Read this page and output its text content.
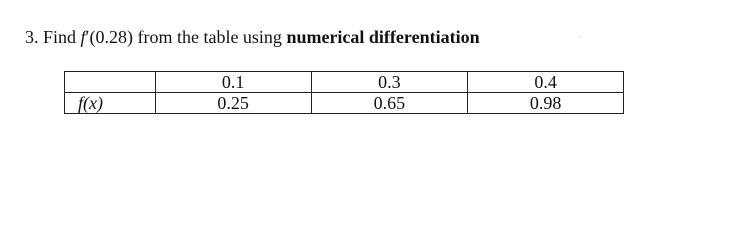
3. Find f′(0.28) from the table using numerical differentiation
	0.1	0.3	0.4
f(x)	0.25	0.65	0.98
